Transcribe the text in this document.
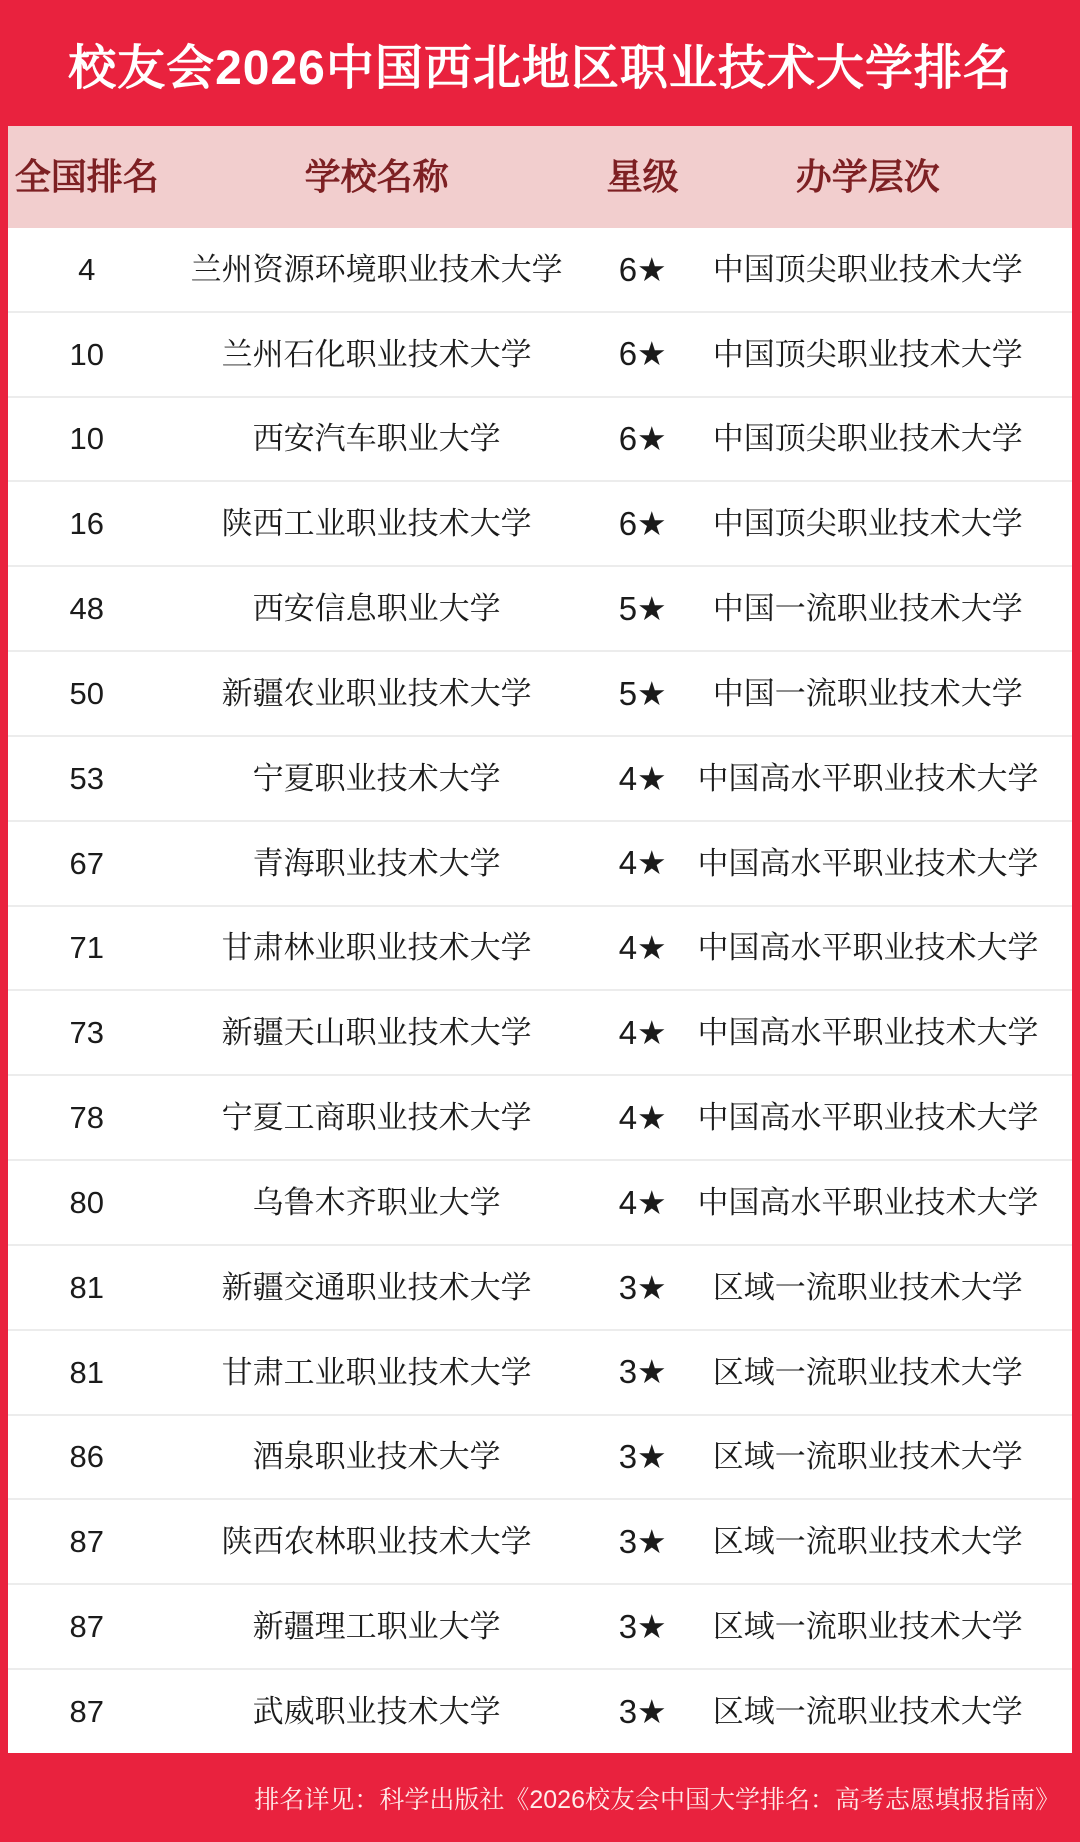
校友会2026中国西北地区职业技术大学排名
全国排名	学校名称	星级	办学层次
4	兰州资源环境职业技术大学	6★	中国顶尖职业技术大学
10	兰州石化职业技术大学	6★	中国顶尖职业技术大学
10	西安汽车职业大学	6★	中国顶尖职业技术大学
16	陕西工业职业技术大学	6★	中国顶尖职业技术大学
48	西安信息职业大学	5★	中国一流职业技术大学
50	新疆农业职业技术大学	5★	中国一流职业技术大学
53	宁夏职业技术大学	4★ 中国高水平职业技术大学
67	青海职业技术大学	4★ 中国高水平职业技术大学
71	甘肃林业职业技术大学	4★ 中国高水平职业技术大学
73	新疆天山职业技术大学	4★ 中国高水平职业技术大学
78	宁夏工商职业技术大学	4★ 中国高水平职业技术大学
80	乌鲁木齐职业大学	4★ 中国高水平职业技术大学
81	新疆交通职业技术大学	3★	区域一流职业技术大学
81	甘肃工业职业技术大学	3★	区域一流职业技术大学
86	酒泉职业技术大学	3★	区域一流职业技术大学
87	陕西农林职业技术大学	3★	区域一流职业技术大学
87	新疆理工职业大学	3★	区域一流职业技术大学
87	武威职业技术大学	3★	区域一流职业技术大学
排名详见：科学出版社《2026校友会中国大学排名：高考志愿填报指南》
